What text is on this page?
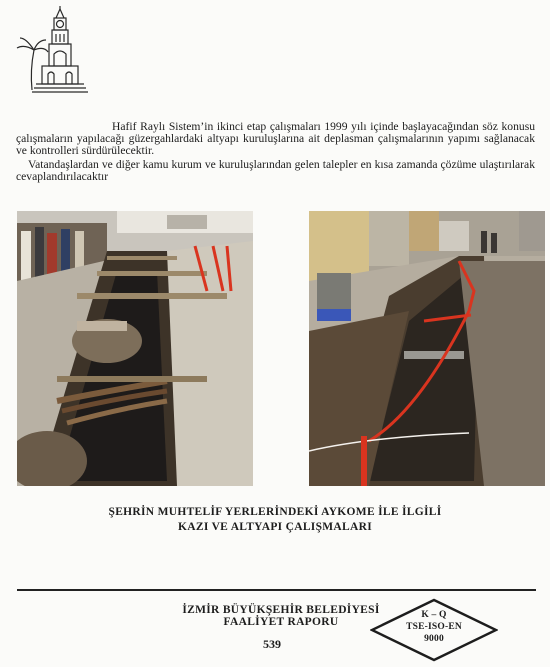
Hafif Raylı Sistem’in ikinci etap çalışmaları 1999 yılı içinde başlayacağından söz konusu çalışmaların yapılacağı güzergahlardaki altyapı kuruluşlarına ait deplasman çalışmalarının yapımı sağlanacak ve kontrolleri sürdürülecektir.

Vatandaşlardan ve diğer kamu kurum ve kuruluşlarından gelen talepler en kısa zamanda çözüme ulaştırılarak cevaplandırılacaktır

ŞEHRİN MUHTELİF YERLERİNDEKİ AYKOME İLE İLGİLİ

KAZI VE ALTYAPI ÇALIŞMALARI

İZMİR BÜYÜKŞEHİR BELEDİYESİ

FAALİYET RAPORU

539

K – Q
TSE-ISO-EN
9000
